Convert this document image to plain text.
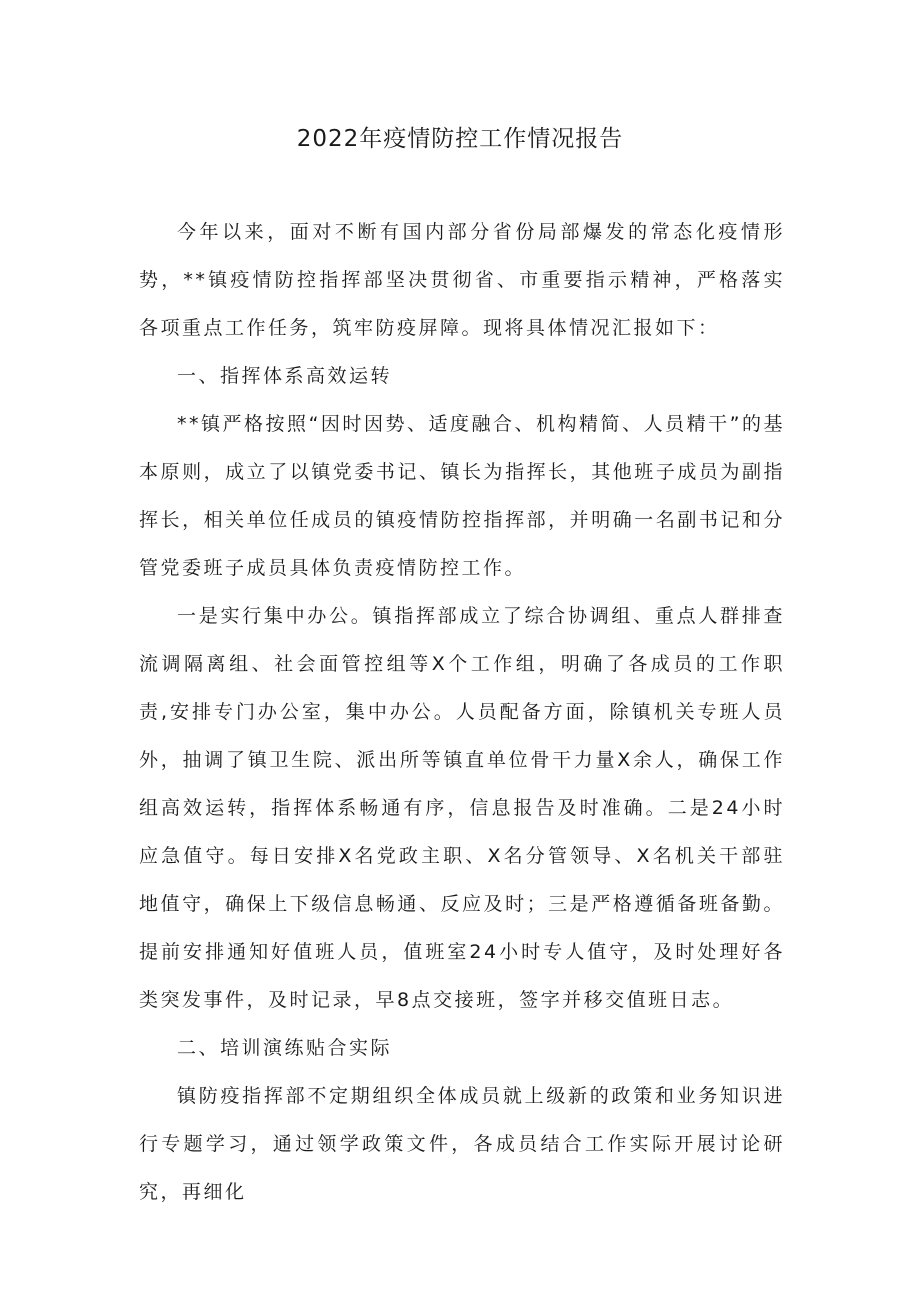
2022年疫情防控工作情况报告

今年以来，面对不断有国内部分省份局部爆发的常态化疫情形势，**镇疫情防控指挥部坚决贯彻省、市重要指示精神，严格落实各项重点工作任务，筑牢防疫屏障。现将具体情况汇报如下：

一、指挥体系高效运转

**镇严格按照“因时因势、适度融合、机构精简、人员精干”的基本原则，成立了以镇党委书记、镇长为指挥长，其他班子成员为副指挥长，相关单位任成员的镇疫情防控指挥部，并明确一名副书记和分管党委班子成员具体负责疫情防控工作。

一是实行集中办公。镇指挥部成立了综合协调组、重点人群排查流调隔离组、社会面管控组等X个工作组，明确了各成员的工作职责,安排专门办公室，集中办公。人员配备方面，除镇机关专班人员外，抽调了镇卫生院、派出所等镇直单位骨干力量X余人，确保工作组高效运转，指挥体系畅通有序，信息报告及时准确。二是24小时应急值守。每日安排X名党政主职、X名分管领导、X名机关干部驻地值守，确保上下级信息畅通、反应及时；三是严格遵循备班备勤。提前安排通知好值班人员，值班室24小时专人值守，及时处理好各类突发事件，及时记录，早8点交接班，签字并移交值班日志。

二、培训演练贴合实际

镇防疫指挥部不定期组织全体成员就上级新的政策和业务知识进行专题学习，通过领学政策文件，各成员结合工作实际开展讨论研究，再细化
